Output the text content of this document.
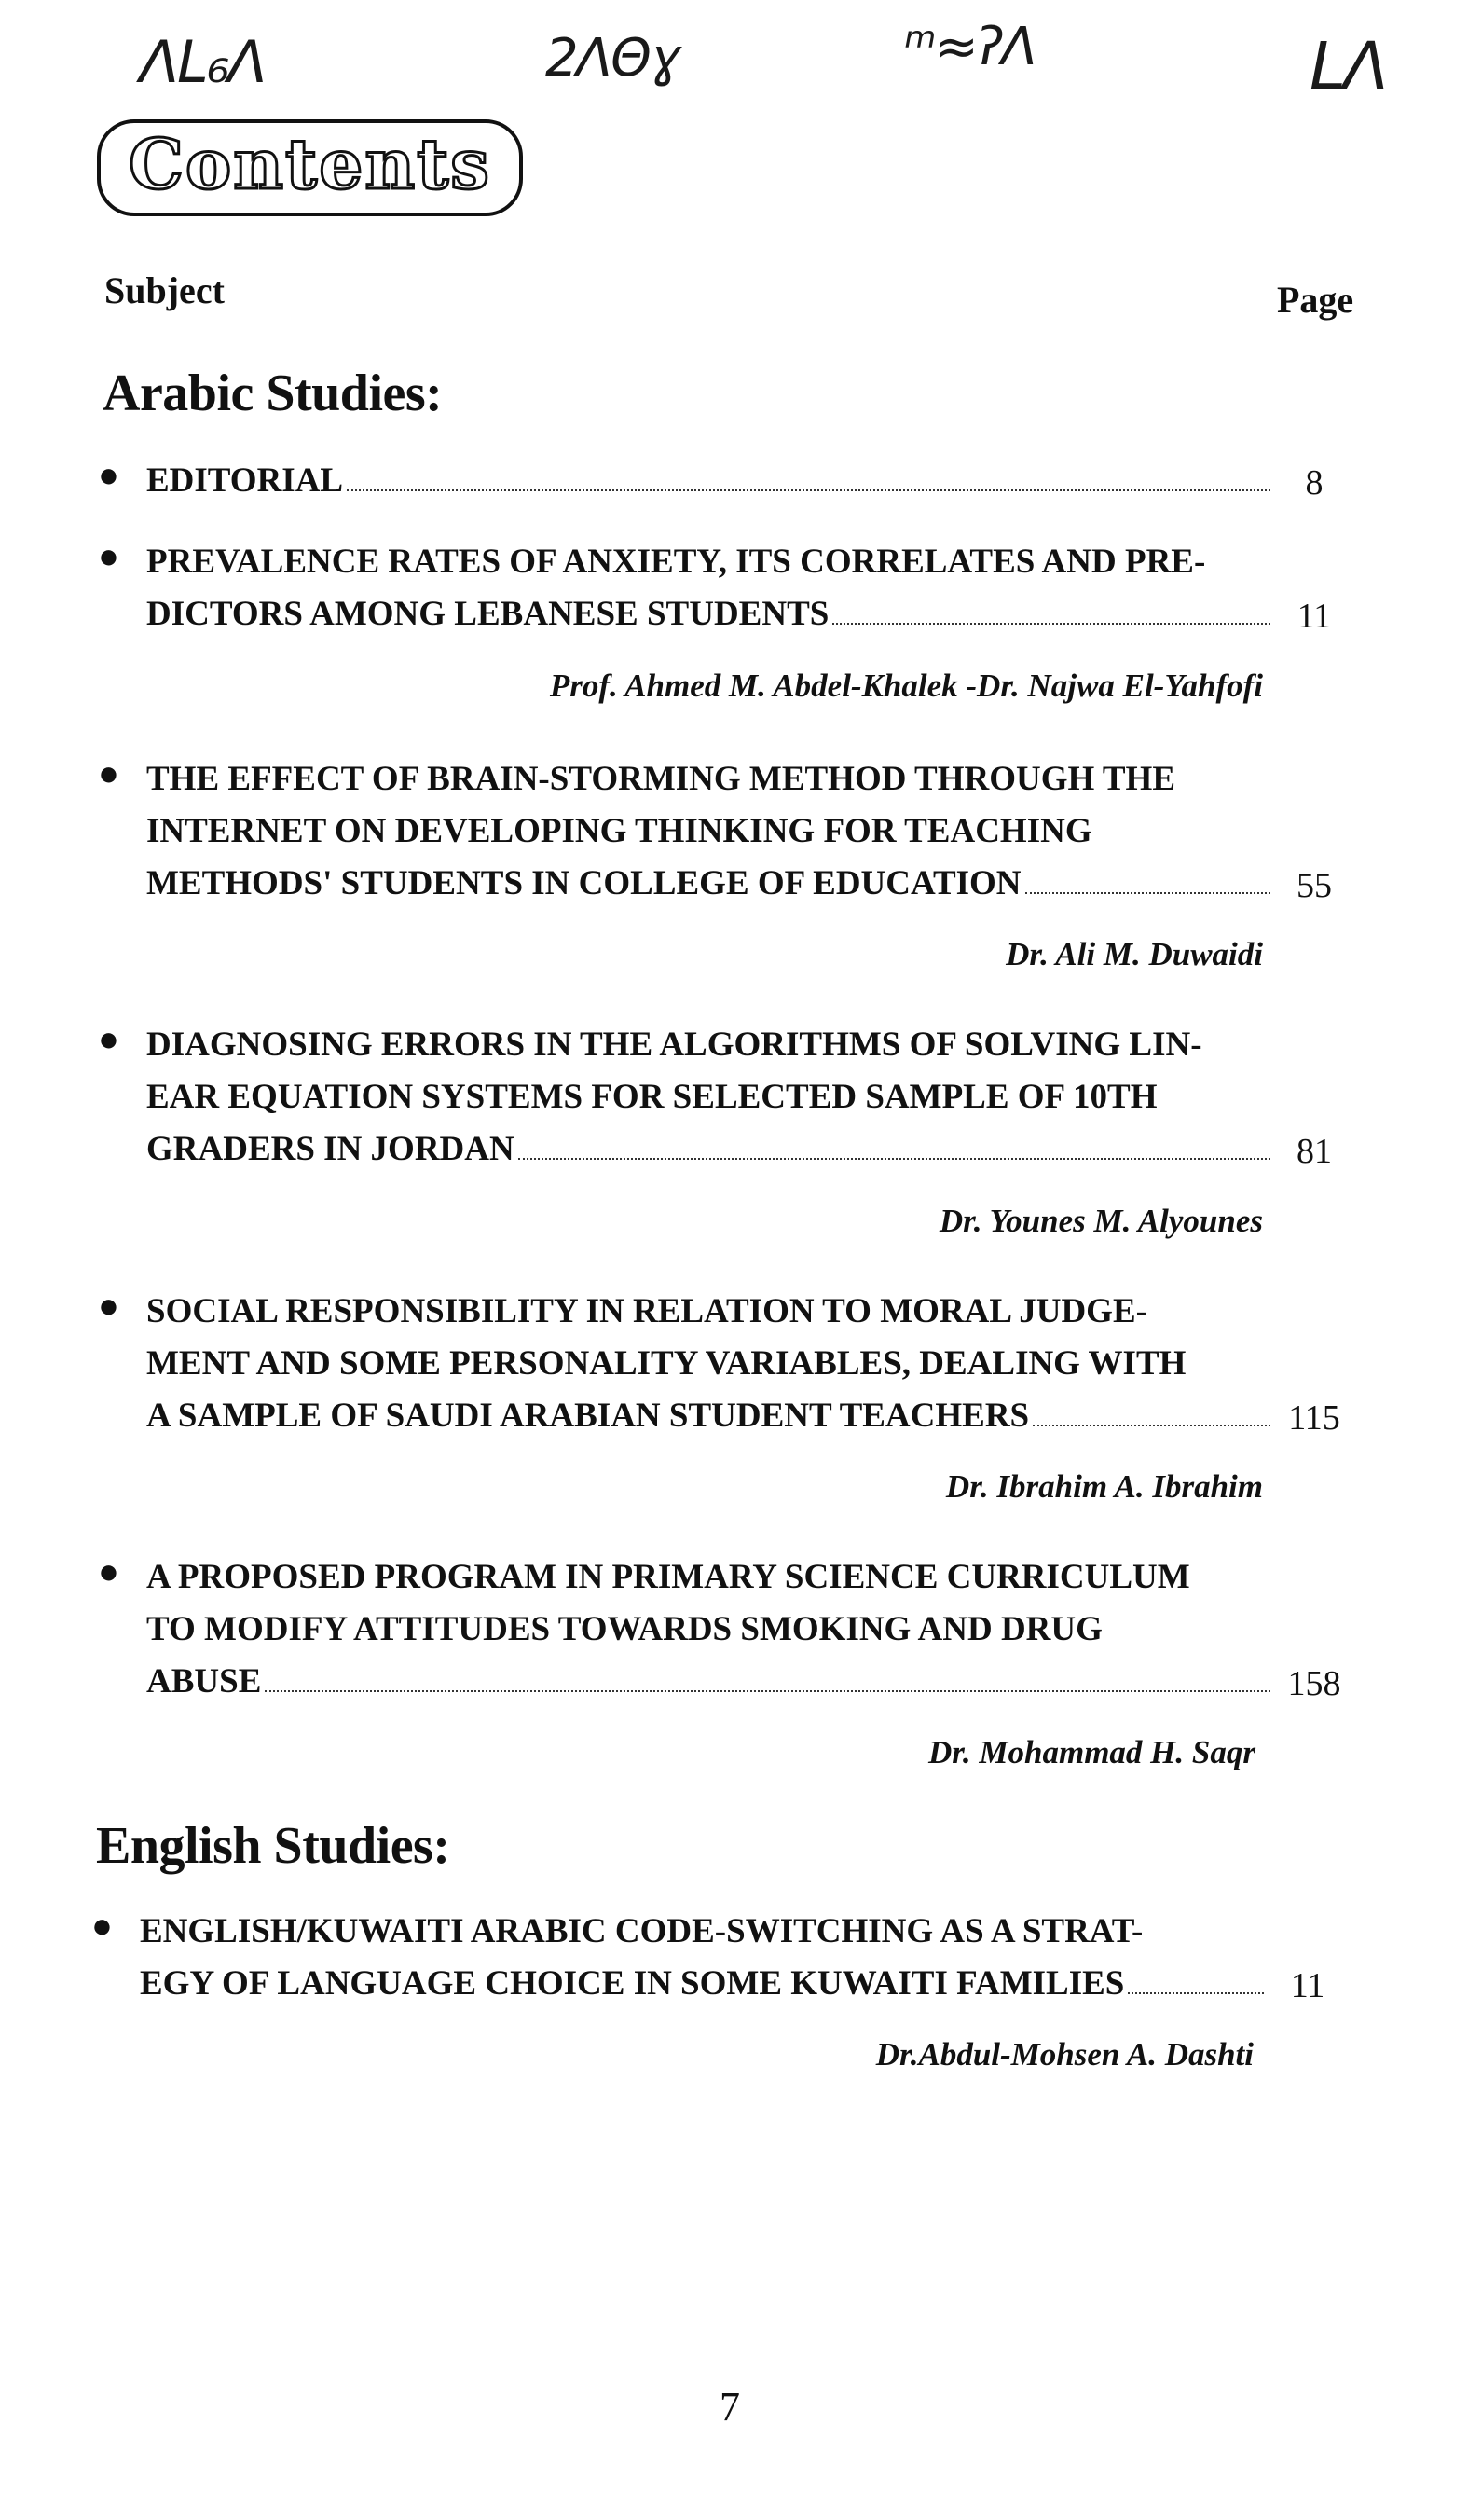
ΛԼ₆Λ	2ɅΘɣ	ᵐ≈ʔΛ	ᒪΛ
Contents
Subject	Page
Arabic Studies:
● EDITORIAL	8
● PREVALENCE RATES OF ANXIETY, ITS CORRELATES AND PRE-
DICTORS AMONG LEBANESE STUDENTS	11
Prof. Ahmed M. Abdel-Khalek -Dr. Najwa El-Yahfofi
● THE EFFECT OF BRAIN-STORMING METHOD THROUGH THE
INTERNET ON DEVELOPING THINKING FOR TEACHING
METHODS' STUDENTS IN COLLEGE OF EDUCATION	55
Dr. Ali M. Duwaidi
● DIAGNOSING ERRORS IN THE ALGORITHMS OF SOLVING LIN-
EAR EQUATION SYSTEMS FOR SELECTED SAMPLE OF 10TH
GRADERS IN JORDAN	81
Dr. Younes M. Alyounes
● SOCIAL RESPONSIBILITY IN RELATION TO MORAL JUDGE-
MENT AND SOME PERSONALITY VARIABLES, DEALING WITH
A SAMPLE OF SAUDI ARABIAN STUDENT TEACHERS	115
Dr. Ibrahim A. Ibrahim
● A PROPOSED PROGRAM IN PRIMARY SCIENCE CURRICULUM
TO MODIFY ATTITUDES TOWARDS SMOKING AND DRUG
ABUSE	158
Dr. Mohammad H. Saqr
English Studies:
● ENGLISH/KUWAITI ARABIC CODE-SWITCHING AS A STRAT-
EGY OF LANGUAGE CHOICE IN SOME KUWAITI FAMILIES	11
Dr.Abdul-Mohsen A. Dashti
7
